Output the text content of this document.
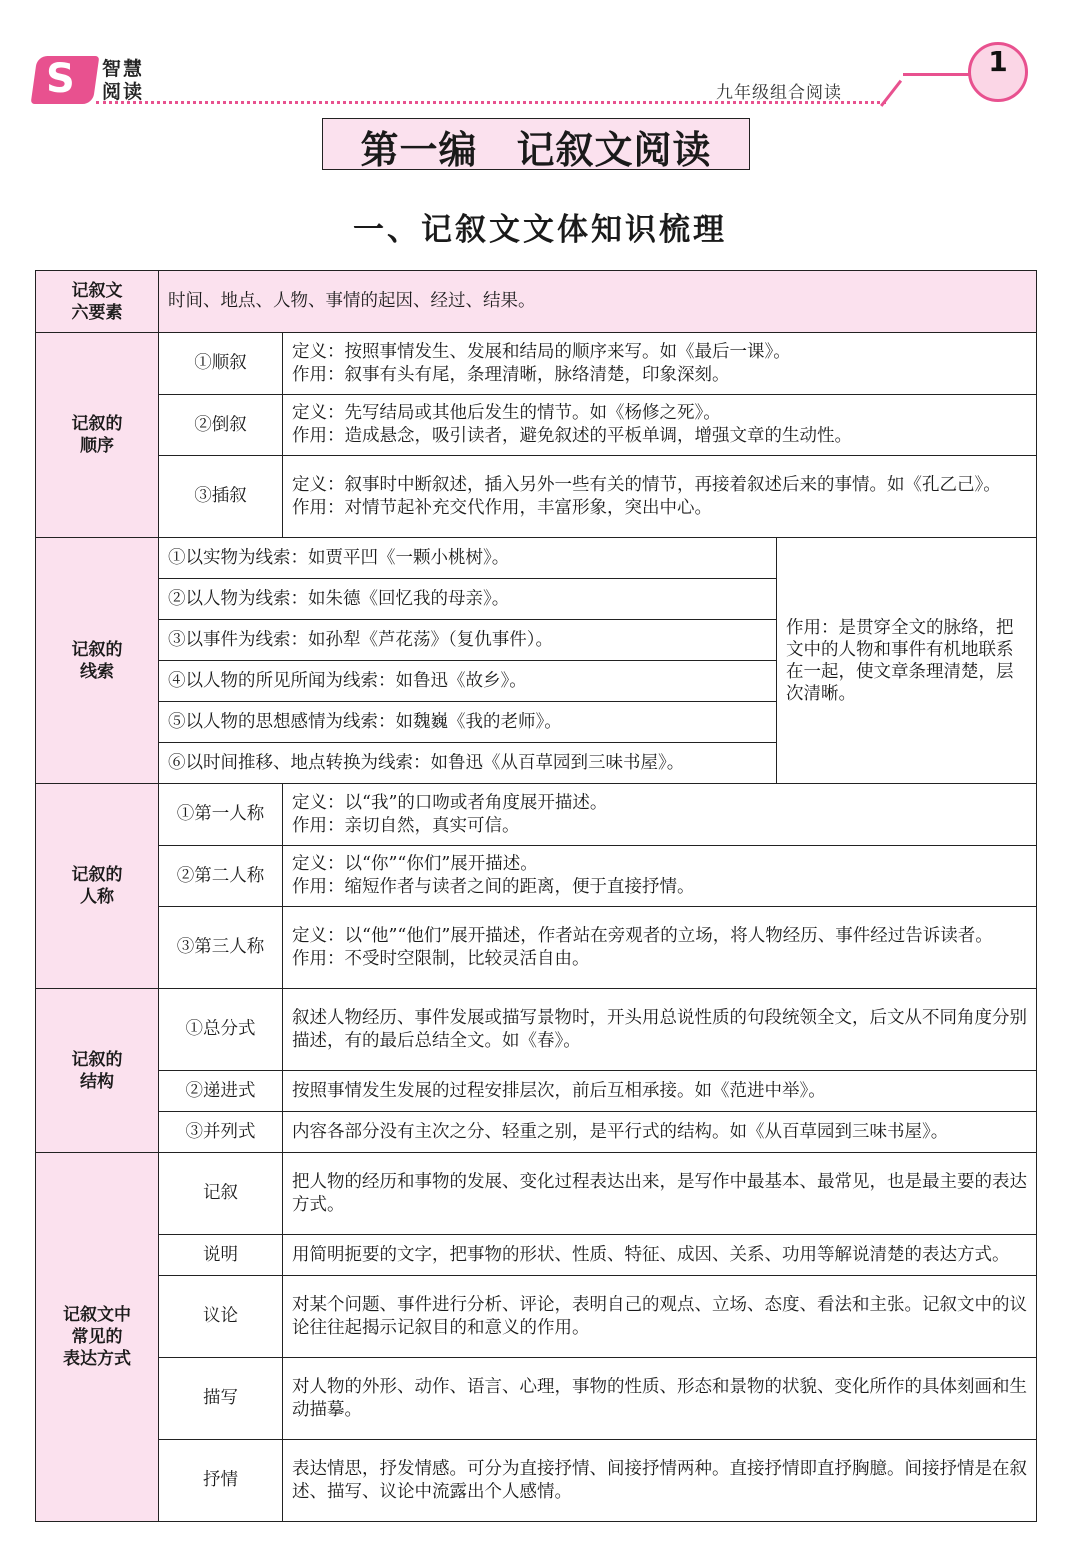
S 智慧阅读	九年级组合阅读
1
第一编　记叙文阅读
一、记叙文文体知识梳理
记叙文
六要素	时间、地点、人物、事情的起因、经过、结果。		
记叙的
顺序	①顺叙	定义：按照事情发生、发展和结局的顺序来写。如《最后一课》。
作用：叙事有头有尾，条理清晰，脉络清楚，印象深刻。	
	②倒叙	定义：先写结局或其他后发生的情节。如《杨修之死》。
作用：造成悬念，吸引读者，避免叙述的平板单调，增强文章的生动性。	
	③插叙	定义：叙事时中断叙述，插入另外一些有关的情节，再接着叙述后来的事情。如《孔乙己》。
作用：对情节起补充交代作用，丰富形象，突出中心。	
记叙的
线索	①以实物为线索：如贾平凹《一颗小桃树》。		作用：是贯穿全文的脉络，把文中的人物和事件有机地联系在一起，使文章条理清楚，层次清晰。
	②以人物为线索：如朱德《回忆我的母亲》。		
	③以事件为线索：如孙犁《芦花荡》（复仇事件）。		
	④以人物的所见所闻为线索：如鲁迅《故乡》。		
	⑤以人物的思想感情为线索：如魏巍《我的老师》。		
	⑥以时间推移、地点转换为线索：如鲁迅《从百草园到三味书屋》。		
记叙的
人称	①第一人称	定义：以“我”的口吻或者角度展开描述。
作用：亲切自然，真实可信。	
	②第二人称	定义：以“你”“你们”展开描述。
作用：缩短作者与读者之间的距离，便于直接抒情。	
	③第三人称	定义：以“他”“他们”展开描述，作者站在旁观者的立场，将人物经历、事件经过告诉读者。
作用：不受时空限制，比较灵活自由。	
记叙的
结构	①总分式	叙述人物经历、事件发展或描写景物时，开头用总说性质的句段统领全文，后文从不同角度分别描述，有的最后总结全文。如《春》。	
	②递进式	按照事情发生发展的过程安排层次，前后互相承接。如《范进中举》。	
	③并列式	内容各部分没有主次之分、轻重之别，是平行式的结构。如《从百草园到三味书屋》。	
记叙文中
常见的
表达方式	记叙	把人物的经历和事物的发展、变化过程表达出来，是写作中最基本、最常见，也是最主要的表达方式。	
	说明	用简明扼要的文字，把事物的形状、性质、特征、成因、关系、功用等解说清楚的表达方式。	
	议论	对某个问题、事件进行分析、评论，表明自己的观点、立场、态度、看法和主张。记叙文中的议论往往起揭示记叙目的和意义的作用。	
	描写	对人物的外形、动作、语言、心理，事物的性质、形态和景物的状貌、变化所作的具体刻画和生动描摹。	
	抒情	表达情思，抒发情感。可分为直接抒情、间接抒情两种。直接抒情即直抒胸臆。间接抒情是在叙述、描写、议论中流露出个人感情。	
